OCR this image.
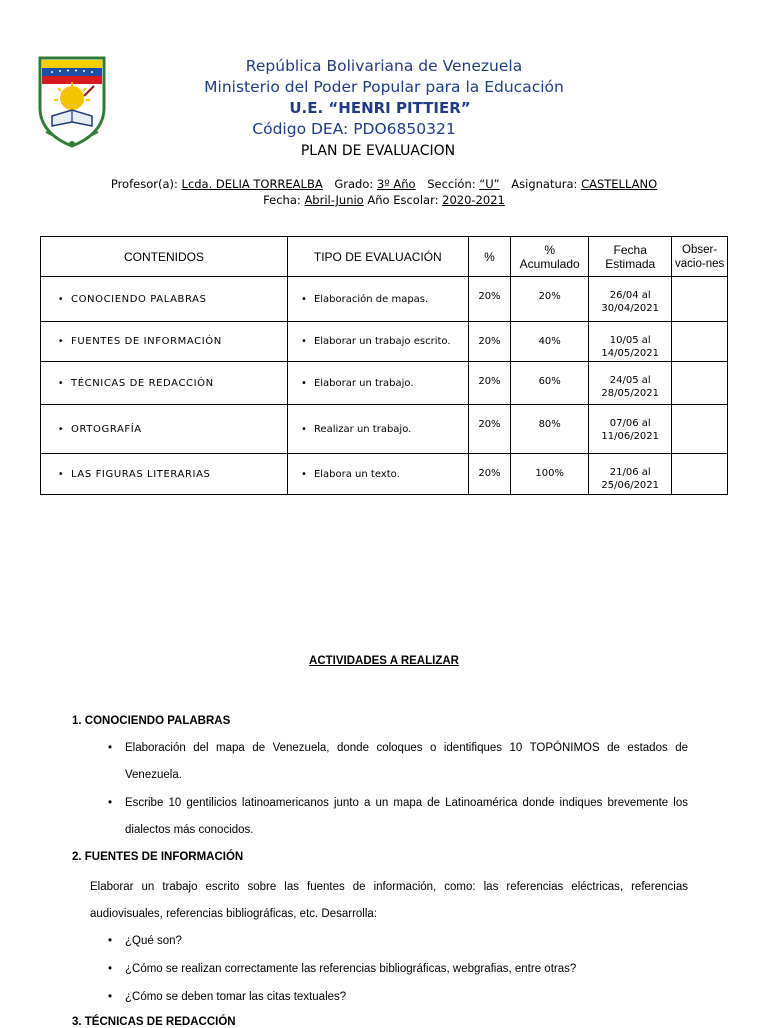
República Bolivariana de Venezuela
Ministerio del Poder Popular para la Educación
U.E. “HENRI PITTIER”
Código DEA: PDO6850321
PLAN DE EVALUACION
Profesor(a): Lcda. DELIA TORREALBA Grado: 3º Año Sección: “U” Asignatura: CASTELLANO
Fecha: Abril-Junio Año Escolar: 2020-2021
CONTENIDOS	TIPO DE EVALUACIÓN	%	% Acumulado	Fecha Estimada	Obser-vacio-nes
• CONOCIENDO PALABRAS	• Elaboración de mapas.	20%	20%	26/04 al
30/04/2021	

• FUENTES DE INFORMACIÓN	• Elaborar un trabajo escrito.	20%	40%	10/05 al
14/05/2021	

• TÉCNICAS DE REDACCIÓN	• Elaborar un trabajo.	20%	60%	24/05 al
28/05/2021	

• ORTOGRAFÍA	• Realizar un trabajo.	20%	80%	07/06 al
11/06/2021	

• LAS FIGURAS LITERARIAS	• Elabora un texto.	20%	100%	21/06 al
25/06/2021	

ACTIVIDADES A REALIZAR
1. CONOCIENDO PALABRAS
• Elaboración del mapa de Venezuela, donde coloques o identifiques 10 TOPÓNIMOS de estados de Venezuela.
• Escribe 10 gentilicios latinoamericanos junto a un mapa de Latinoamérica donde indiques brevemente los dialectos más conocidos.
2. FUENTES DE INFORMACIÓN
Elaborar un trabajo escrito sobre las fuentes de información, como: las referencias eléctricas, referencias audiovisuales, referencias bibliográficas, etc. Desarrolla:
• ¿Qué son?
• ¿Cómo se realizan correctamente las referencias bibliográficas, webgrafias, entre otras?
• ¿Cómo se deben tomar las citas textuales?
3. TÉCNICAS DE REDACCIÓN
